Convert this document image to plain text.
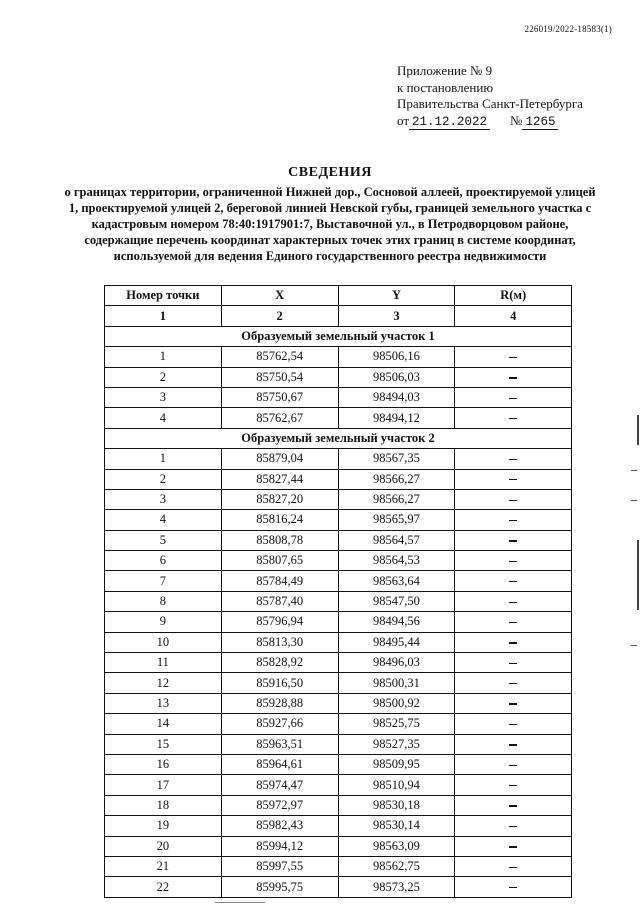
226019/2022-18583(1)
Приложение № 9
к постановлению
Правительства Санкт-Петербурга
от 21.12.2022 № 1265
СВЕДЕНИЯ
о границах территории, ограниченной Нижней дор., Сосновой аллеей, проектируемой улицей 1, проектируемой улицей 2, береговой линией Невской губы, границей земельного участка с кадастровым номером 78:40:1917901:7, Выставочной ул., в Петродворцовом районе, содержащие перечень координат характерных точек этих границ в системе координат, используемой для ведения Единого государственного реестра недвижимости
Номер точки	X	Y	R(м)
1	2	3	4
Образуемый земельный участок 1			
1	85762,54	98506,16	
2	85750,54	98506,03	
3	85750,67	98494,03	
4	85762,67	98494,12	
Образуемый земельный участок 2			
1	85879,04	98567,35	
2	85827,44	98566,27	
3	85827,20	98566,27	
4	85816,24	98565,97	
5	85808,78	98564,57	
6	85807,65	98564,53	
7	85784,49	98563,64	
8	85787,40	98547,50	
9	85796,94	98494,56	
10	85813,30	98495,44	
11	85828,92	98496,03	
12	85916,50	98500,31	
13	85928,88	98500,92	
14	85927,66	98525,75	
15	85963,51	98527,35	
16	85964,61	98509,95	
17	85974,47	98510,94	
18	85972,97	98530,18	
19	85982,43	98530,14	
20	85994,12	98563,09	
21	85997,55	98562,75	
22	85995,75	98573,25	
